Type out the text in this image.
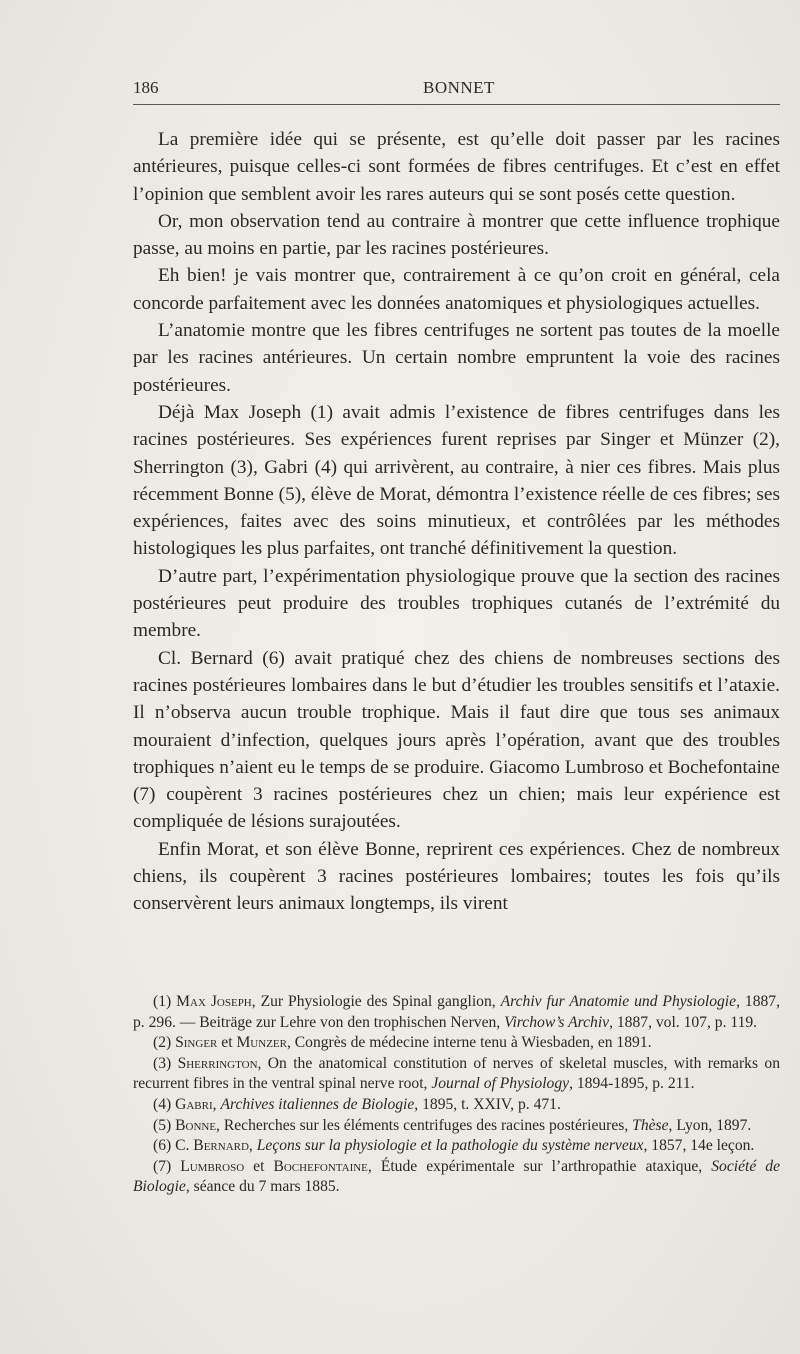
186	BONNET

La première idée qui se présente, est qu’elle doit passer par les racines antérieures, puisque celles-ci sont formées de fibres centrifuges. Et c’est en effet l’opinion que semblent avoir les rares auteurs qui se sont posés cette question.

Or, mon observation tend au contraire à montrer que cette influence trophique passe, au moins en partie, par les racines postérieures.

Eh bien! je vais montrer que, contrairement à ce qu’on croit en général, cela concorde parfaitement avec les données anatomiques et physiologiques actuelles.

L’anatomie montre que les fibres centrifuges ne sortent pas toutes de la moelle par les racines antérieures. Un certain nombre empruntent la voie des racines postérieures.

Déjà Max Joseph (1) avait admis l’existence de fibres centrifuges dans les racines postérieures. Ses expériences furent reprises par Singer et Münzer (2), Sherrington (3), Gabri (4) qui arrivèrent, au contraire, à nier ces fibres. Mais plus récemment Bonne (5), élève de Morat, démontra l’existence réelle de ces fibres; ses expériences, faites avec des soins minutieux, et contrôlées par les méthodes histologiques les plus parfaites, ont tranché définitivement la question.

D’autre part, l’expérimentation physiologique prouve que la section des racines postérieures peut produire des troubles trophiques cutanés de l’extrémité du membre.

Cl. Bernard (6) avait pratiqué chez des chiens de nombreuses sections des racines postérieures lombaires dans le but d’étudier les troubles sensitifs et l’ataxie. Il n’observa aucun trouble trophique. Mais il faut dire que tous ses animaux mouraient d’infection, quelques jours après l’opération, avant que des troubles trophiques n’aient eu le temps de se produire. Giacomo Lumbroso et Bochefontaine (7) coupèrent 3 racines postérieures chez un chien; mais leur expérience est compliquée de lésions surajoutées.

Enfin Morat, et son élève Bonne, reprirent ces expériences. Chez de nombreux chiens, ils coupèrent 3 racines postérieures lombaires; toutes les fois qu’ils conservèrent leurs animaux longtemps, ils virent

(1) Max Joseph, Zur Physiologie des Spinal ganglion, Archiv fur Anatomie und Physiologie, 1887, p. 296. — Beiträge zur Lehre von den trophischen Nerven, Virchow’s Archiv, 1887, vol. 107, p. 119.

(2) Singer et Munzer, Congrès de médecine interne tenu à Wiesbaden, en 1891.

(3) Sherrington, On the anatomical constitution of nerves of skeletal muscles, with remarks on recurrent fibres in the ventral spinal nerve root, Journal of Physiology, 1894-1895, p. 211.

(4) Gabri, Archives italiennes de Biologie, 1895, t. XXIV, p. 471.

(5) Bonne, Recherches sur les éléments centrifuges des racines postérieures, Thèse, Lyon, 1897.

(6) C. Bernard, Leçons sur la physiologie et la pathologie du système nerveux, 1857, 14e leçon.

(7) Lumbroso et Bochefontaine, Étude expérimentale sur l’arthropathie ataxique, Société de Biologie, séance du 7 mars 1885.
